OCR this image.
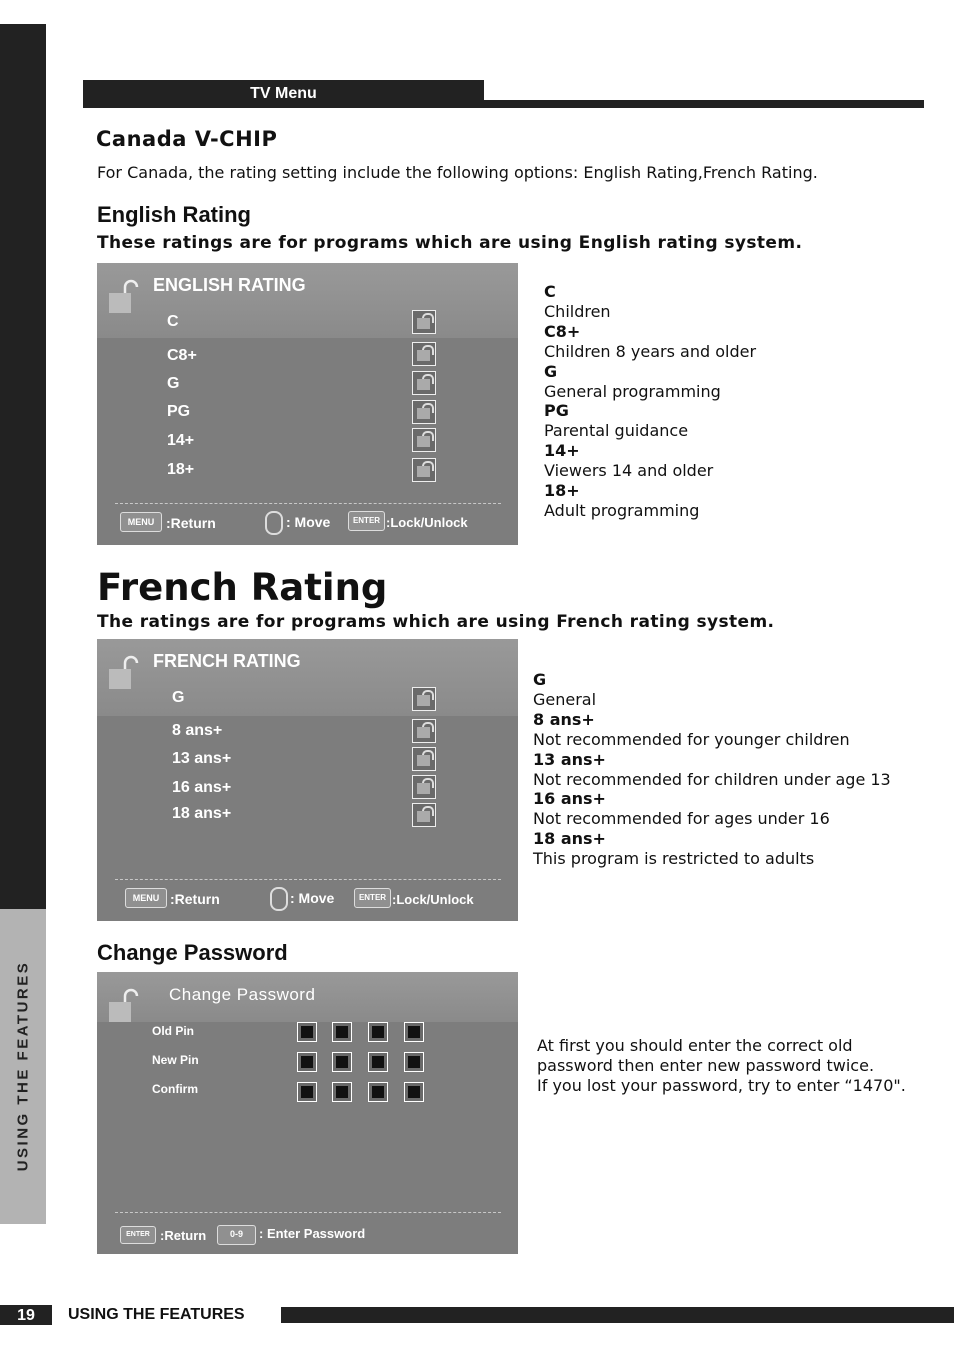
USING THE FEATURES
TV Menu
Canada V-CHIP
For Canada, the rating setting include the following options: English Rating,French Rating.
English Rating
These ratings are for programs which are using English rating system.
ENGLISH RATING
C
C8+
G
PG
14+
18+
MENU :Return	: Move	ENTER :Lock/Unlock
C
Children
C8+
Children 8 years and older
G
General programming
PG
Parental guidance
14+
Viewers 14 and older
18+
Adult programming
French Rating
The ratings are for programs which are using French rating system.
FRENCH RATING
G
8 ans+
13 ans+
16 ans+
18 ans+
MENU :Return	: Move	ENTER :Lock/Unlock
G
General
8 ans+
Not recommended for younger children
13 ans+
Not recommended for children under age 13
16 ans+
Not recommended for ages under 16
18 ans+
This program is restricted to adults
Change Password
Change Password
Old Pin
New Pin
Confirm
ENTER :Return	0-9	: Enter Password
At first you should enter the correct old
password then enter new password twice.
If you lost your password, try to enter “1470".
19	USING THE FEATURES
